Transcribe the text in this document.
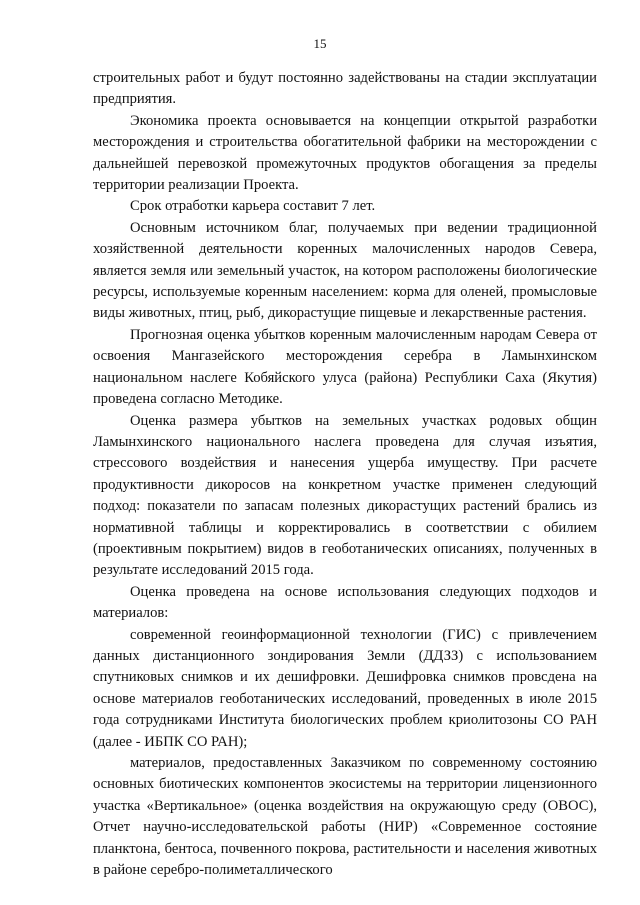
15

строительных работ и будут постоянно задействованы на стадии эксплуатации предприятия.

Экономика проекта основывается на концепции открытой разработки месторождения и строительства обогатительной фабрики на месторождении с дальнейшей перевозкой промежуточных продуктов обогащения за пределы территории реализации Проекта.

Срок отработки карьера составит 7 лет.

Основным источником благ, получаемых при ведении традиционной хозяйственной деятельности коренных малочисленных народов Севера, является земля или земельный участок, на котором расположены биологические ресурсы, используемые коренным населением: корма для оленей, промысловые виды животных, птиц, рыб, дикорастущие пищевые и лекарственные растения.

Прогнозная оценка убытков коренным малочисленным народам Севера от освоения Мангазейского месторождения серебра в Ламынхинском национальном наслеге Кобяйского улуса (района) Республики Саха (Якутия) проведена согласно Методике.

Оценка размера убытков на земельных участках родовых общин Ламынхинского национального наслега проведена для случая изъятия, стрессового воздействия и нанесения ущерба имуществу. При расчете продуктивности дикоросов на конкретном участке применен следующий подход: показатели по запасам полезных дикорастущих растений брались из нормативной таблицы и корректировались в соответствии с обилием (проективным покрытием) видов в геоботанических описаниях, полученных в результате исследований 2015 года.

Оценка проведена на основе использования следующих подходов и материалов:

современной геоинформационной технологии (ГИС) с привлечением данных дистанционного зондирования Земли (ДДЗЗ) с использованием спутниковых снимков и их дешифровки. Дешифровка снимков провсдена на основе материалов геоботанических исследований, проведенных в июле 2015 года сотрудниками Института биологических проблем криолитозоны СО РАН (далее - ИБПК СО РАН);

материалов, предоставленных Заказчиком по современному состоянию основных биотических компонентов экосистемы на территории лицензионного участка «Вертикальное» (оценка воздействия на окружающую среду (ОВОС), Отчет научно-исследовательской работы (НИР) «Современное состояние планктона, бентоса, почвенного покрова, растительности и населения животных в районе серебро-полиметаллического
